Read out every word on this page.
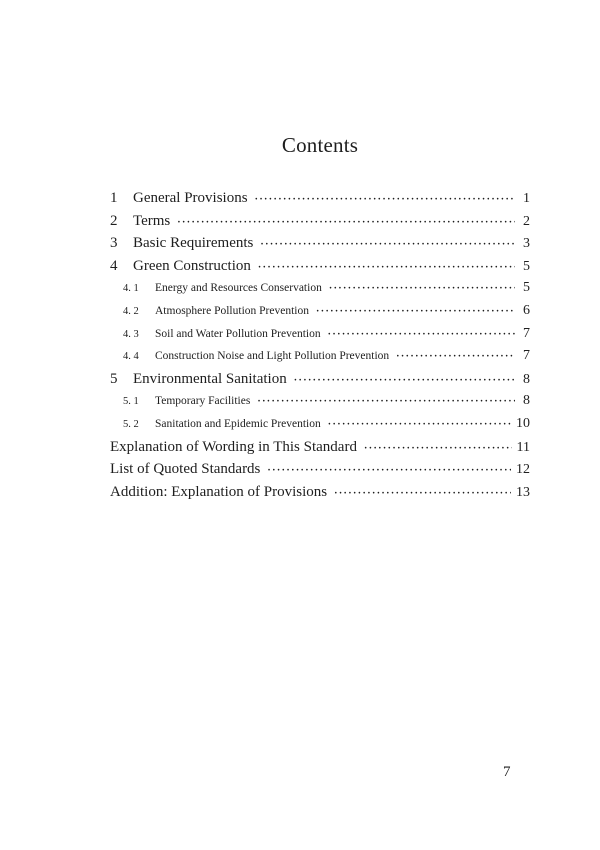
Contents
1	General Provisions ·····	1
2	Terms ·····	2
3	Basic Requirements ·····	3
4	Green Construction ·····	5
4. 1	Energy and Resources Conservation ·····	5
4. 2	Atmosphere Pollution Prevention ·····	6
4. 3	Soil and Water Pollution Prevention ·····	7
4. 4	Construction Noise and Light Pollution Prevention ·····	7
5	Environmental Sanitation ·····	8
5. 1	Temporary Facilities ·····	8
5. 2	Sanitation and Epidemic Prevention ·····	10
Explanation of Wording in This Standard ·····	11
List of Quoted Standards ·····	12
Addition: Explanation of Provisions ·····	13
7
